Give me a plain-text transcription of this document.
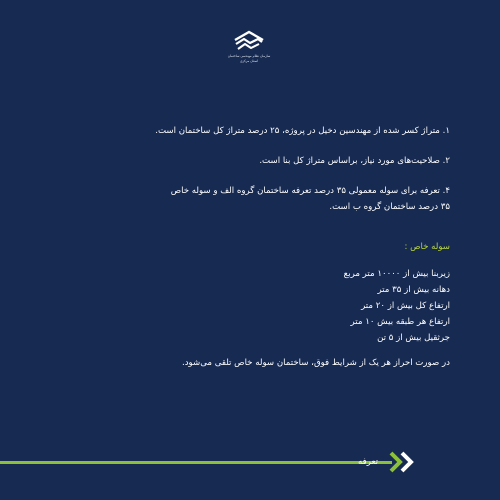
سازمان نظام مهندسی ساختمان
استان مرکزی
۱. متراژ کسر شده از مهندسین دخیل در پروژه، ۲۵ درصد متراژ کل ساختمان است.
۲. صلاحیت‌های مورد نیاز، براساس متراژ کل بنا است.
۴. تعرفه برای سوله معمولی ۳۵ درصد تعرفه ساختمان گروه الف و سوله خاص
۳۵ درصد ساختمان گروه ب است.
سوله خاص :
زیربنا بیش از ۱۰۰۰۰ متر مربع
دهانه بیش از ۳۵ متر
ارتفاع کل بیش از ۲۰ متر
ارتفاع هر طبقه بیش ۱۰ متر
جرثقیل بیش از ۵ تن
در صورت احراز هر یک از شرایط فوق، ساختمان سوله خاص تلقی می‌شود.
تعرفه
